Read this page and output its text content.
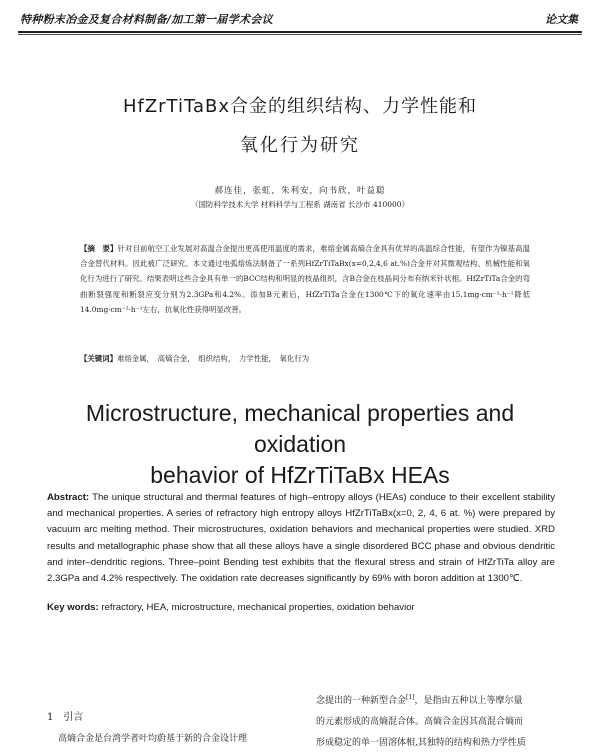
特种粉末冶金及复合材料制备/加工第一届学术会议	论文集
HfZrTiTaBx合金的组织结构、力学性能和
氧化行为研究
郝连佳，张虹，朱利安，向书欣，叶益聪
（国防科学技术大学 材料科学与工程系 湖南省 长沙市 410000）
【摘　要】针对目前航空工业发展对高温合金提出更高使用温度的需求，难熔金属高熵合金具有优异的高温综合性能，有望作为镍基高温合金替代材料。因此被广泛研究。本文通过电弧熔炼法制备了一系列HfZrTiTaBx(x=0,2,4,6 at.%)合金并对其微观结构、机械性能和氧化行为进行了研究。结果表明这些合金具有单一的BCC结构和明显的枝晶组织，含B合金在枝晶间分布有纳米针状相。HfZrTiTa合金的弯曲断裂强度和断裂应变分别为2.3GPa和4.2%。添加B元素后，HfZrTiTa合金在1300℃下的氧化速率由15.1mg·cm⁻²·h⁻¹降低14.0mg·cm⁻²·h⁻¹左右，抗氧化性获得明显改善。
【关键词】难熔金属，　高熵合金，　组织结构，　力学性能，　氧化行为
Microstructure, mechanical properties and oxidation
behavior of HfZrTiTaBx HEAs
Abstract: The unique structural and thermal features of high–entropy alloys (HEAs) conduce to their excellent stability and mechanical properties. A series of refractory high entropy alloys HfZrTiTaBx(x=0, 2, 4, 6 at. %) were prepared by vacuum arc melting method. Their microstructures, oxidation behaviors and mechanical properties were studied. XRD results and metallographic phase show that all these alloys have a single disordered BCC phase and obvious dendritic and inter–dendritic regions. Three–point Bending test exhibits that the flexural stress and strain of HfZrTiTa alloy are 2.3GPa and 4.2% respectively. The oxidation rate decreases significantly by 69% with boron addition at 1300℃.
Key words: refractory, HEA, microstructure, mechanical properties, oxidation behavior
1 引言
高熵合金是台湾学者叶均蔚基于新的合金设计理
念提出的一种新型合金[1]，是指由五种以上等摩尔量
的元素形成的高熵混合体。高熵合金因其高混合熵而
形成稳定的单一固溶体相,其独特的结构和热力学性质
